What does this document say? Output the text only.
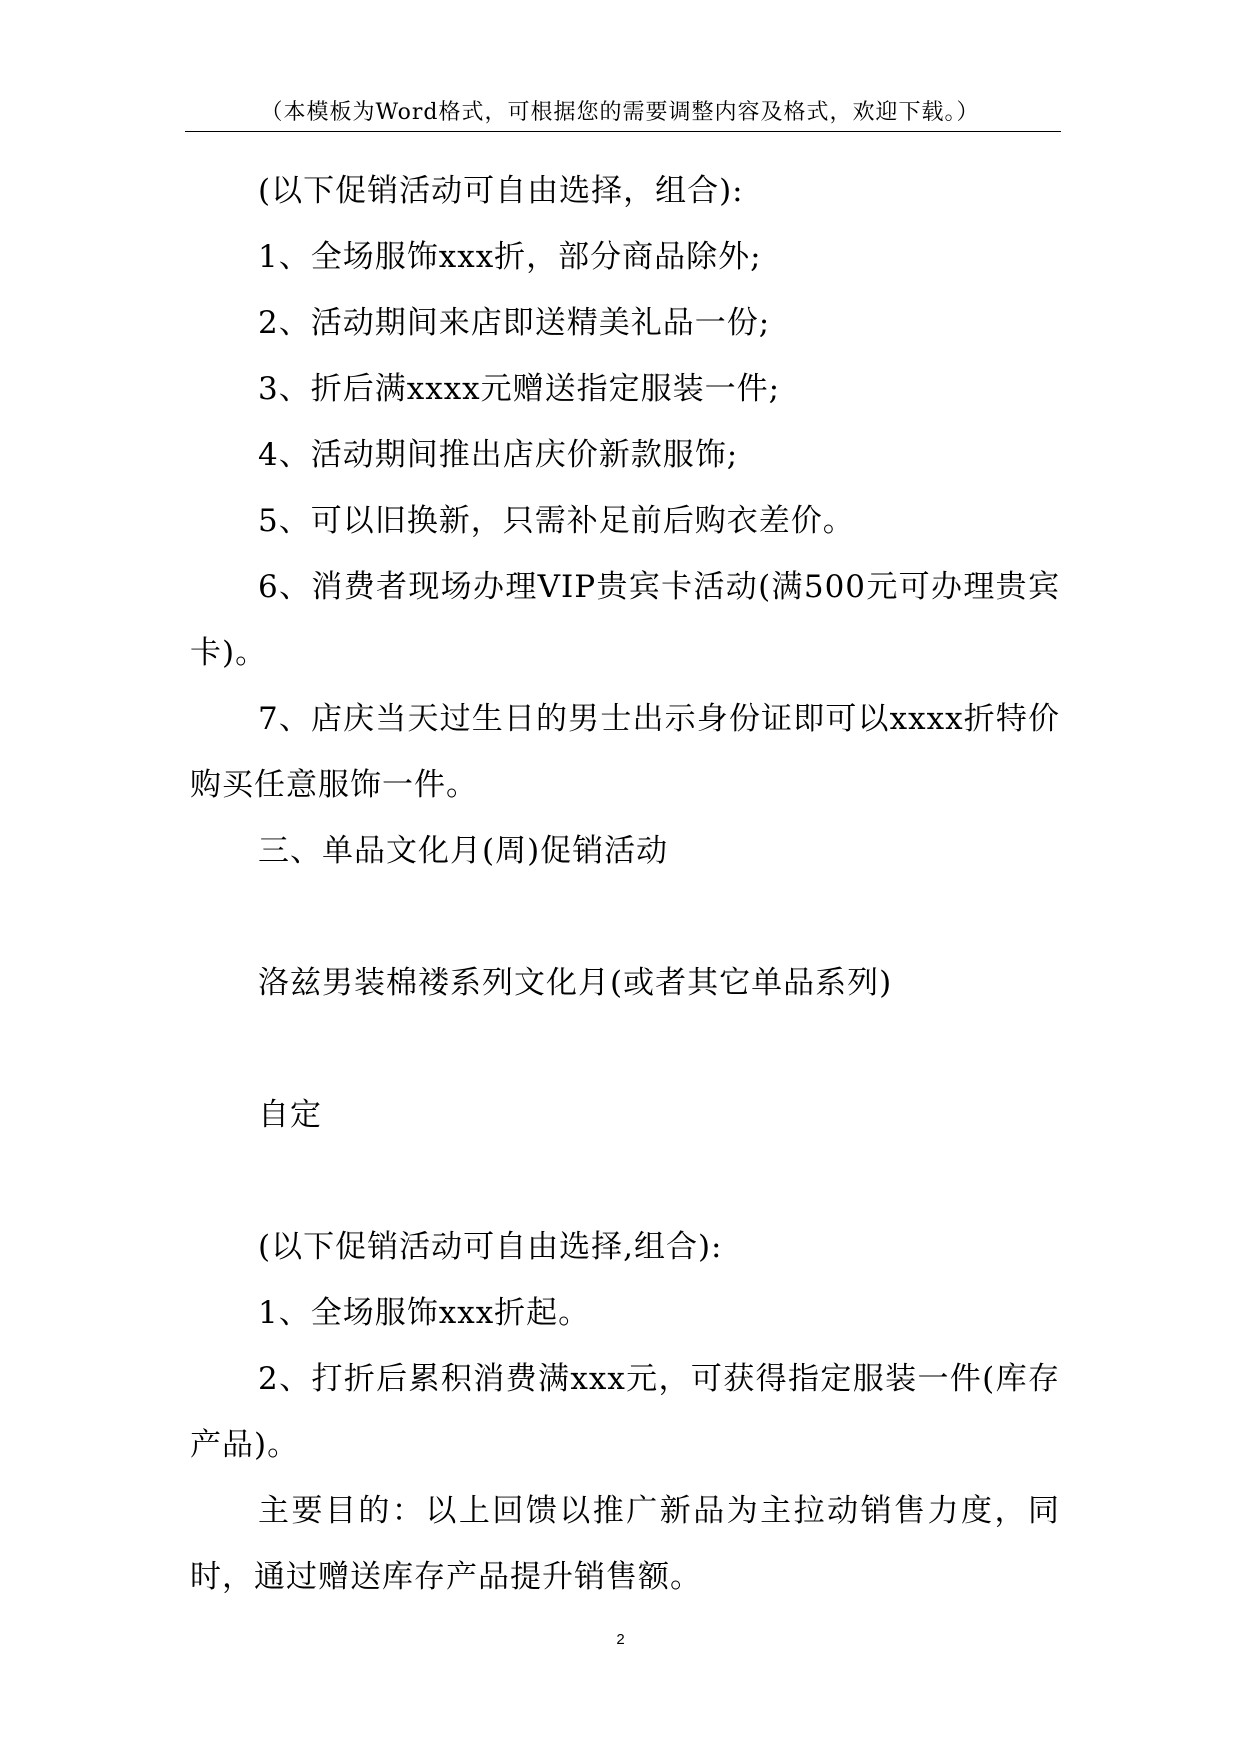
（本模板为Word格式，可根据您的需要调整内容及格式，欢迎下载。）

(以下促销活动可自由选择，组合):

1、全场服饰xxx折，部分商品除外;

2、活动期间来店即送精美礼品一份;

3、折后满xxxx元赠送指定服装一件;

4、活动期间推出店庆价新款服饰;

5、可以旧换新，只需补足前后购衣差价。

6、消费者现场办理VIP贵宾卡活动(满500元可办理贵宾卡)。

7、店庆当天过生日的男士出示身份证即可以xxxx折特价购买任意服饰一件。

三、单品文化月(周)促销活动

洛兹男装棉褛系列文化月(或者其它单品系列)

自定

(以下促销活动可自由选择,组合):

1、全场服饰xxx折起。

2、打折后累积消费满xxx元，可获得指定服装一件(库存产品)。

主要目的：以上回馈以推广新品为主拉动销售力度，同时，通过赠送库存产品提升销售额。

2
